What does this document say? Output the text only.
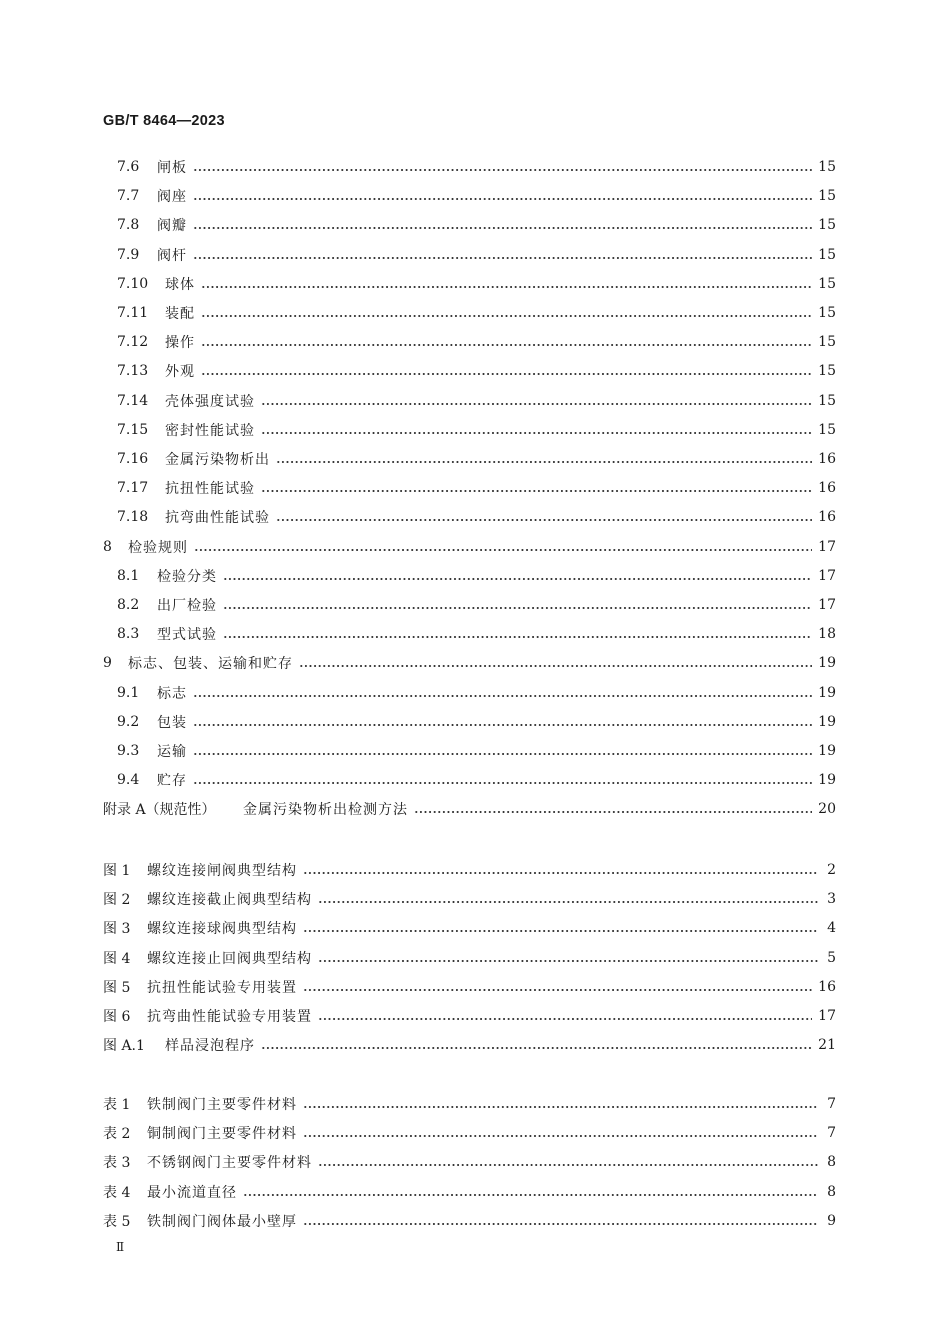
GB/T 8464—2023
7.6	闸板	15
7.7	阀座	15
7.8	阀瓣	15
7.9	阀杆	15
7.10	球体	15
7.11	装配	15
7.12	操作	15
7.13	外观	15
7.14	壳体强度试验	15
7.15	密封性能试验	15
7.16	金属污染物析出	16
7.17	抗扭性能试验	16
7.18	抗弯曲性能试验	16
8	检验规则	17
8.1	检验分类	17
8.2	出厂检验	17
8.3	型式试验	18
9	标志、包装、运输和贮存	19
9.1	标志	19
9.2	包装	19
9.3	运输	19
9.4	贮存	19
附录 A（规范性）	金属污染物析出检测方法	20
图 1	螺纹连接闸阀典型结构	2
图 2	螺纹连接截止阀典型结构	3
图 3	螺纹连接球阀典型结构	4
图 4	螺纹连接止回阀典型结构	5
图 5	抗扭性能试验专用装置	16
图 6	抗弯曲性能试验专用装置	17
图 A.1	样品浸泡程序	21
表 1	铁制阀门主要零件材料	7
表 2	铜制阀门主要零件材料	7
表 3	不锈钢阀门主要零件材料	8
表 4	最小流道直径	8
表 5	铁制阀门阀体最小壁厚	9
Ⅱ
